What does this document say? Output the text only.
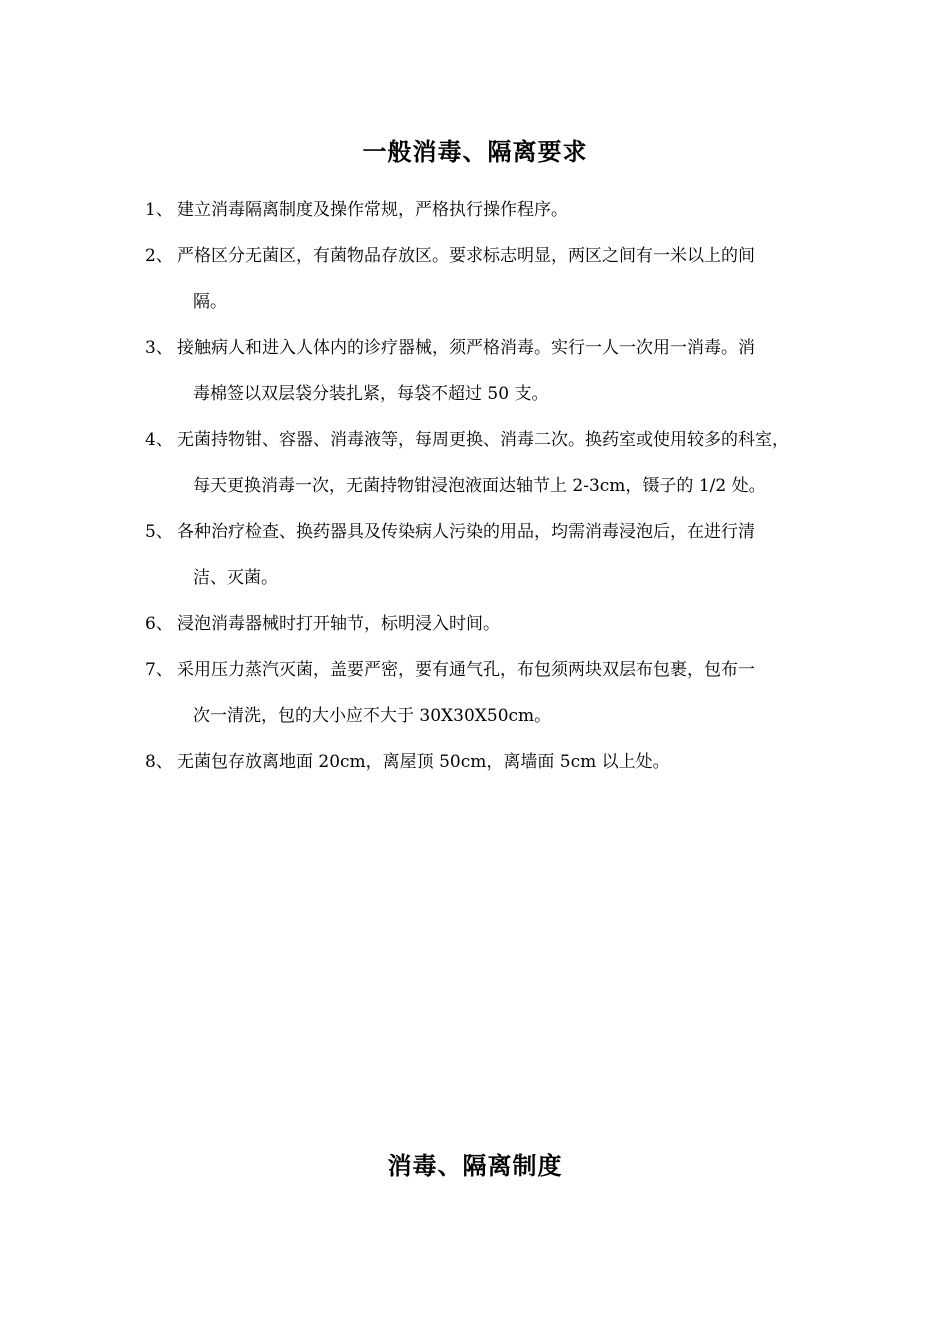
一般消毒、隔离要求
1、 建立消毒隔离制度及操作常规，严格执行操作程序。
2、 严格区分无菌区，有菌物品存放区。要求标志明显，两区之间有一米以上的间
隔。
3、 接触病人和进入人体内的诊疗器械，须严格消毒。实行一人一次用一消毒。消
毒棉签以双层袋分装扎紧，每袋不超过 50 支。
4、 无菌持物钳、容器、消毒液等，每周更换、消毒二次。换药室或使用较多的科室，
每天更换消毒一次，无菌持物钳浸泡液面达轴节上 2-3cm，镊子的 1/2 处。
5、 各种治疗检查、换药器具及传染病人污染的用品，均需消毒浸泡后，在进行清
洁、灭菌。
6、 浸泡消毒器械时打开轴节，标明浸入时间。
7、 采用压力蒸汽灭菌，盖要严密，要有通气孔，布包须两块双层布包裹，包布一
次一清洗，包的大小应不大于 30X30X50cm。
8、 无菌包存放离地面 20cm，离屋顶 50cm，离墙面 5cm 以上处。
消毒、隔离制度
